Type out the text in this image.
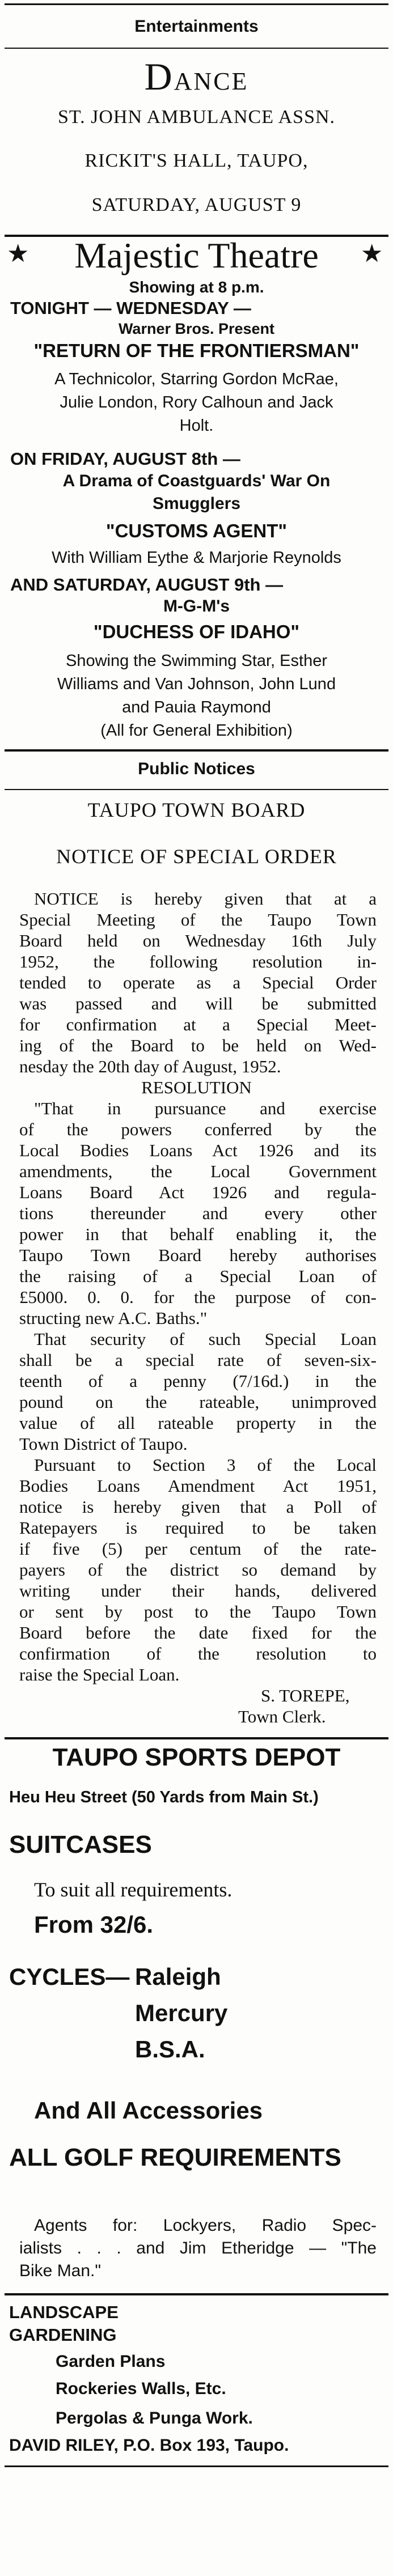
Entertainments
DANCE
ST. JOHN AMBULANCE ASSN.
RICKIT'S HALL, TAUPO,
SATURDAY, AUGUST 9
★	★
Majestic Theatre
Showing at 8 p.m.
TONIGHT — WEDNESDAY —
Warner Bros. Present
"RETURN OF THE FRONTIERSMAN"
A Technicolor, Starring Gordon McRae,
Julie London, Rory Calhoun and Jack
Holt.
ON FRIDAY, AUGUST 8th —
A Drama of Coastguards' War On
Smugglers
"CUSTOMS AGENT"
With William Eythe & Marjorie Reynolds
AND SATURDAY, AUGUST 9th —
M-G-M's
"DUCHESS OF IDAHO"
Showing the Swimming Star, Esther
Williams and Van Johnson, John Lund
and Pauia Raymond
(All for General Exhibition)
Public Notices
TAUPO TOWN BOARD
NOTICE OF SPECIAL ORDER
NOTICE is hereby given that at a
Special Meeting of the Taupo Town
Board held on Wednesday 16th July
1952, the following resolution in-
tended to operate as a Special Order
was passed and will be submitted
for confirmation at a Special Meet-
ing of the Board to be held on Wed-
nesday the 20th day of August, 1952.
RESOLUTION
"That in pursuance and exercise
of the powers conferred by the
Local Bodies Loans Act 1926 and its
amendments, the Local Government
Loans Board Act 1926 and regula-
tions thereunder and every other
power in that behalf enabling it, the
Taupo Town Board hereby authorises
the raising of a Special Loan of
£5000. 0. 0. for the purpose of con-
structing new A.C. Baths."
That security of such Special Loan
shall be a special rate of seven-six-
teenth of a penny (7/16d.) in the
pound on the rateable, unimproved
value of all rateable property in the
Town District of Taupo.
Pursuant to Section 3 of the Local
Bodies Loans Amendment Act 1951,
notice is hereby given that a Poll of
Ratepayers is required to be taken
if five (5) per centum of the rate-
payers of the district so demand by
writing under their hands, delivered
or sent by post to the Taupo Town
Board before the date fixed for the
confirmation of the resolution to
raise the Special Loan.
S. TOREPE,
Town Clerk.
TAUPO SPORTS DEPOT
Heu Heu Street (50 Yards from Main St.)
SUITCASES
To suit all requirements.
From 32/6.
CYCLES— Raleigh
Mercury
B.S.A.
And All Accessories
ALL GOLF REQUIREMENTS
Agents for: Lockyers, Radio Spec-
ialists . . . and Jim Etheridge — "The
Bike Man."
LANDSCAPE
GARDENING
Garden Plans
Rockeries Walls, Etc.
Pergolas & Punga Work.
DAVID RILEY, P.O. Box 193, Taupo.
